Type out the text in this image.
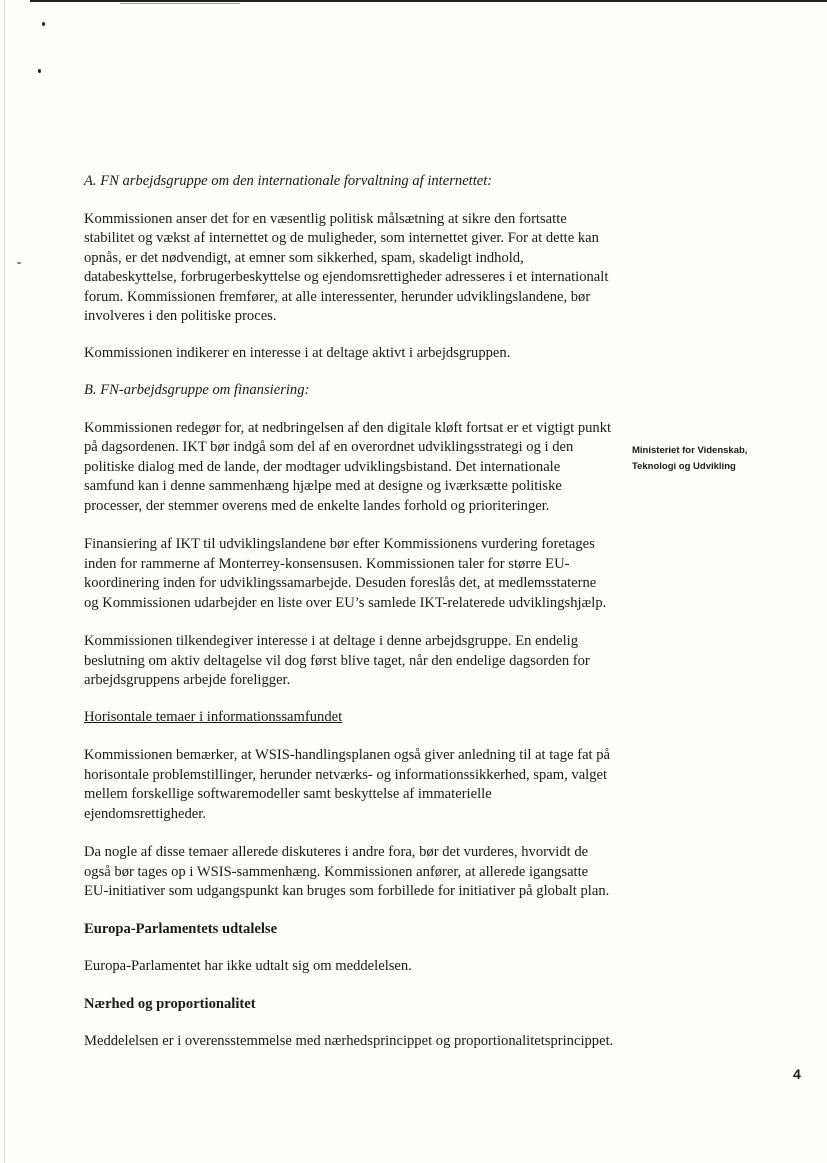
A. FN arbejdsgruppe om den internationale forvaltning af internettet:

Kommissionen anser det for en væsentlig politisk målsætning at sikre den fortsatte stabilitet og vækst af internettet og de muligheder, som internettet giver. For at dette kan opnås, er det nødvendigt, at emner som sikkerhed, spam, skadeligt indhold, databeskyttelse, forbrugerbeskyttelse og ejendomsrettigheder adresseres i et internationalt forum. Kommissionen fremfører, at alle interessenter, herunder udviklingslandene, bør involveres i den politiske proces.

Kommissionen indikerer en interesse i at deltage aktivt i arbejdsgruppen.

B. FN-arbejdsgruppe om finansiering:

Kommissionen redegør for, at nedbringelsen af den digitale kløft fortsat er et vigtigt punkt på dagsordenen. IKT bør indgå som del af en overordnet udviklingsstrategi og i den politiske dialog med de lande, der modtager udviklingsbistand. Det internationale samfund kan i denne sammenhæng hjælpe med at designe og iværksætte politiske processer, der stemmer overens med de enkelte landes forhold og prioriteringer.

Finansiering af IKT til udviklingslandene bør efter Kommissionens vurdering foretages inden for rammerne af Monterrey-konsensusen. Kommissionen taler for større EU-koordinering inden for udviklingssamarbejde. Desuden foreslås det, at medlemsstaterne og Kommissionen udarbejder en liste over EU’s samlede IKT-relaterede udviklingshjælp.

Kommissionen tilkendegiver interesse i at deltage i denne arbejdsgruppe. En endelig beslutning om aktiv deltagelse vil dog først blive taget, når den endelige dagsorden for arbejdsgruppens arbejde foreligger.

Horisontale temaer i informationssamfundet

Kommissionen bemærker, at WSIS-handlingsplanen også giver anledning til at tage fat på horisontale problemstillinger, herunder netværks- og informationssikkerhed, spam, valget mellem forskellige softwaremodeller samt beskyttelse af immaterielle ejendomsrettigheder.

Da nogle af disse temaer allerede diskuteres i andre fora, bør det vurderes, hvorvidt de også bør tages op i WSIS-sammenhæng. Kommissionen anfører, at allerede igangsatte EU-initiativer som udgangspunkt kan bruges som forbillede for initiativer på globalt plan.

Europa-Parlamentets udtalelse

Europa-Parlamentet har ikke udtalt sig om meddelelsen.

Nærhed og proportionalitet

Meddelelsen er i overensstemmelse med nærhedsprincippet og proportionalitetsprincippet.

Ministeriet for Videnskab,
Teknologi og Udvikling
4
